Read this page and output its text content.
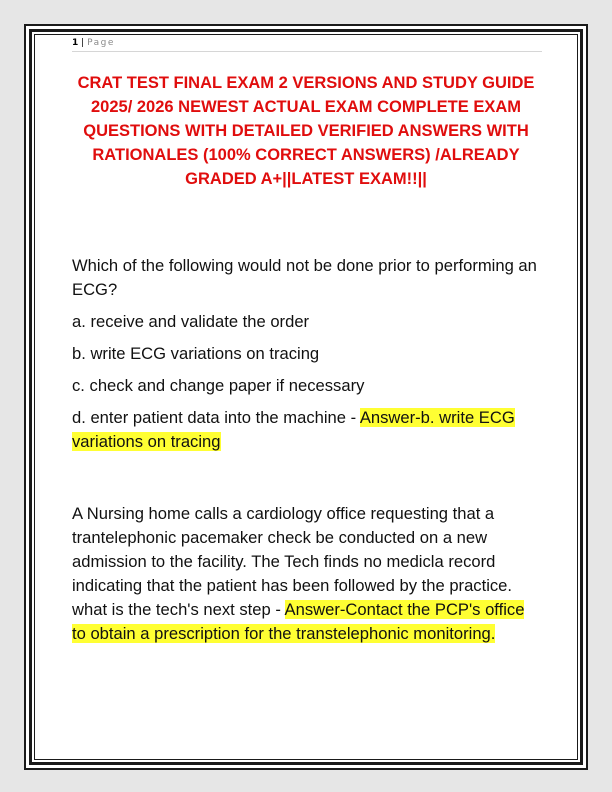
1 | Page
CRAT TEST FINAL EXAM 2 VERSIONS AND STUDY GUIDE 2025/ 2026 NEWEST ACTUAL EXAM COMPLETE EXAM QUESTIONS WITH DETAILED VERIFIED ANSWERS WITH RATIONALES (100% CORRECT ANSWERS) /ALREADY GRADED A+||LATEST EXAM!!||

Which of the following would not be done prior to performing an ECG?

a. receive and validate the order

b. write ECG variations on tracing

c. check and change paper if necessary

d. enter patient data into the machine - Answer-b. write ECG variations on tracing

A Nursing home calls a cardiology office requesting that a trantelephonic pacemaker check be conducted on a new admission to the facility. The Tech finds no medicla record indicating that the patient has been followed by the practice. what is the tech's next step - Answer-Contact the PCP's office to obtain a prescription for the transtelephonic monitoring.
